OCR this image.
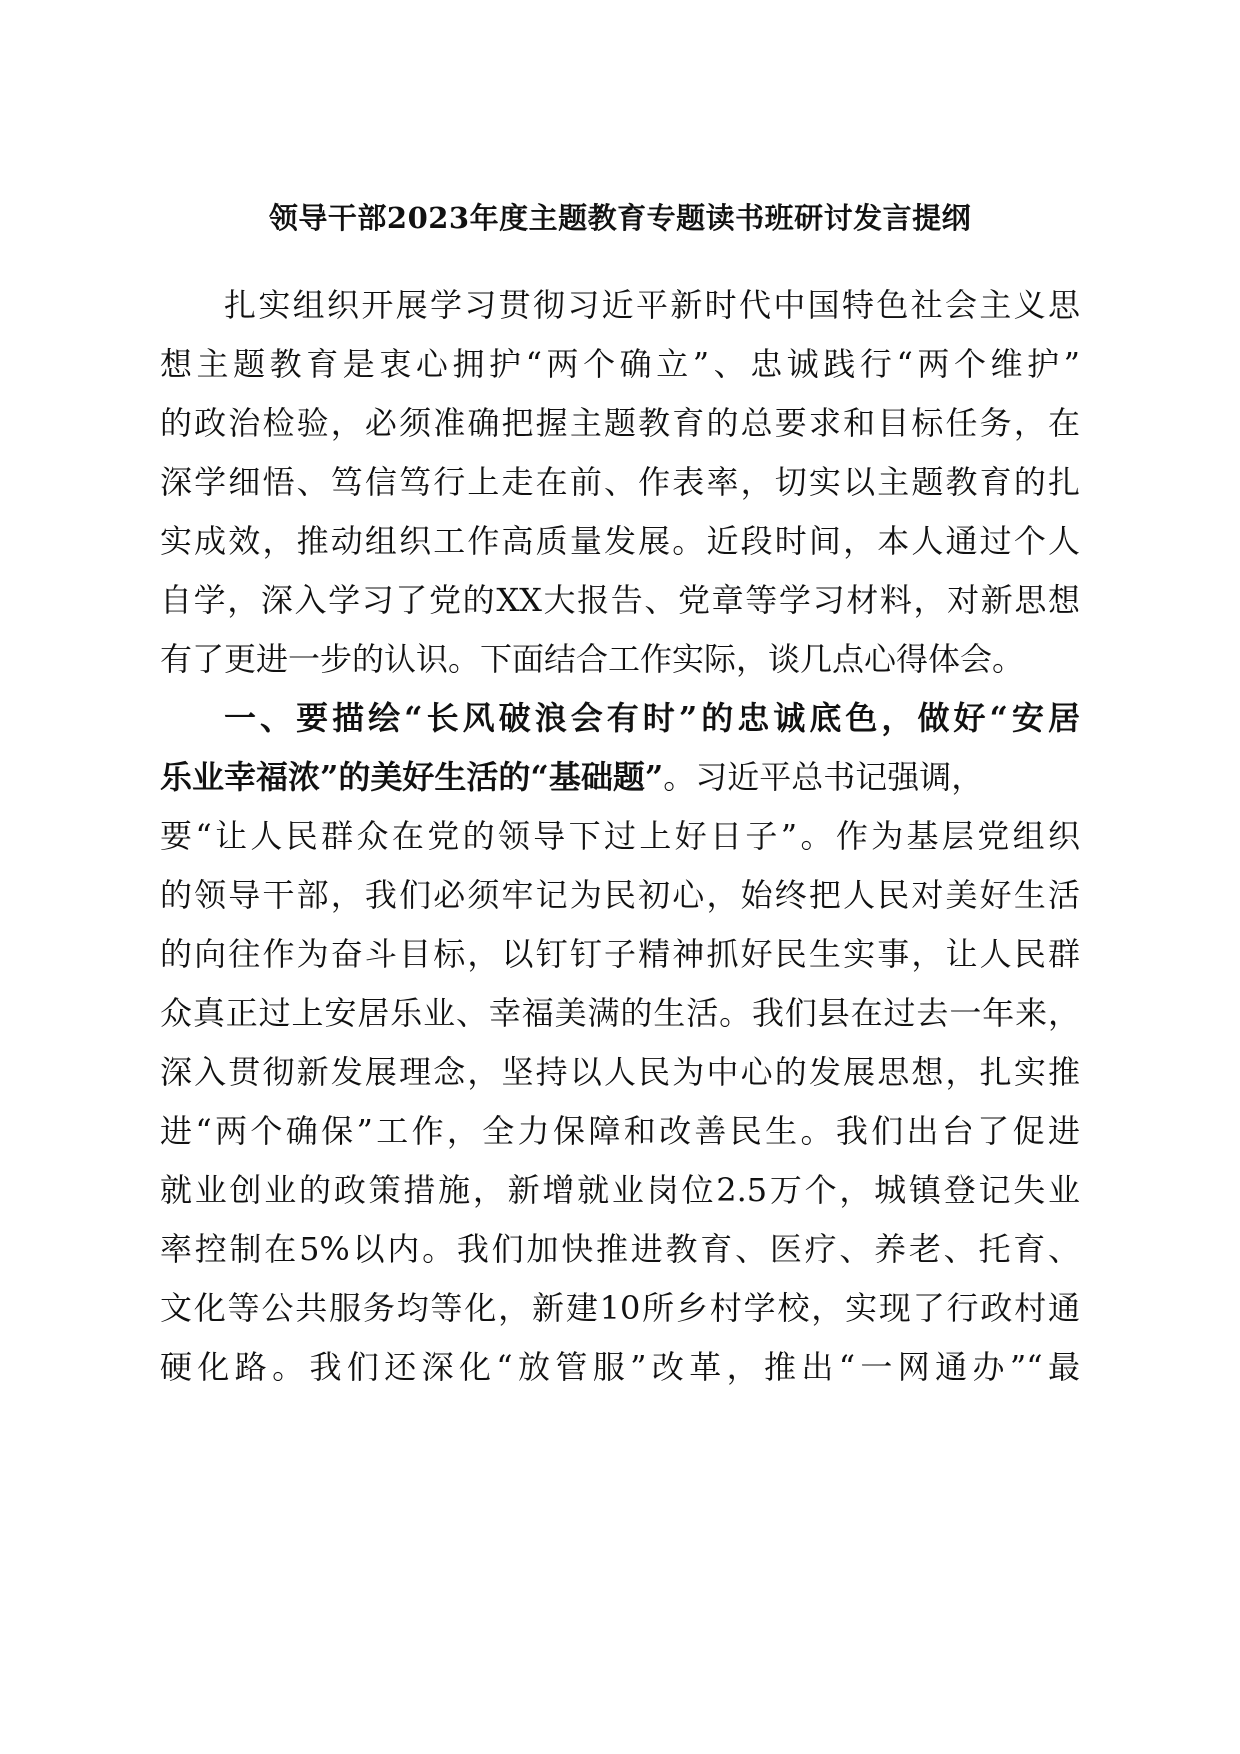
领导干部2023年度主题教育专题读书班研讨发言提纲
扎实组织开展学习贯彻习近平新时代中国特色社会主义思
想主题教育是衷心拥护“两个确立”、忠诚践行“两个维护”
的政治检验，必须准确把握主题教育的总要求和目标任务，在
深学细悟、笃信笃行上走在前、作表率，切实以主题教育的扎
实成效，推动组织工作高质量发展。近段时间，本人通过个人
自学，深入学习了党的XX大报告、党章等学习材料，对新思想
有了更进一步的认识。下面结合工作实际，谈几点心得体会。
一、要描绘“长风破浪会有时”的忠诚底色，做好“安居
乐业幸福浓”的美好生活的“基础题”。习近平总书记强调，
要“让人民群众在党的领导下过上好日子”。作为基层党组织
的领导干部，我们必须牢记为民初心，始终把人民对美好生活
的向往作为奋斗目标，以钉钉子精神抓好民生实事，让人民群
众真正过上安居乐业、幸福美满的生活。我们县在过去一年来，
深入贯彻新发展理念，坚持以人民为中心的发展思想，扎实推
进“两个确保”工作，全力保障和改善民生。我们出台了促进
就业创业的政策措施，新增就业岗位2.5万个，城镇登记失业
率控制在5%以内。我们加快推进教育、医疗、养老、托育、
文化等公共服务均等化，新建10所乡村学校，实现了行政村通
硬化路。我们还深化“放管服”改革，推出“一网通办”“最
